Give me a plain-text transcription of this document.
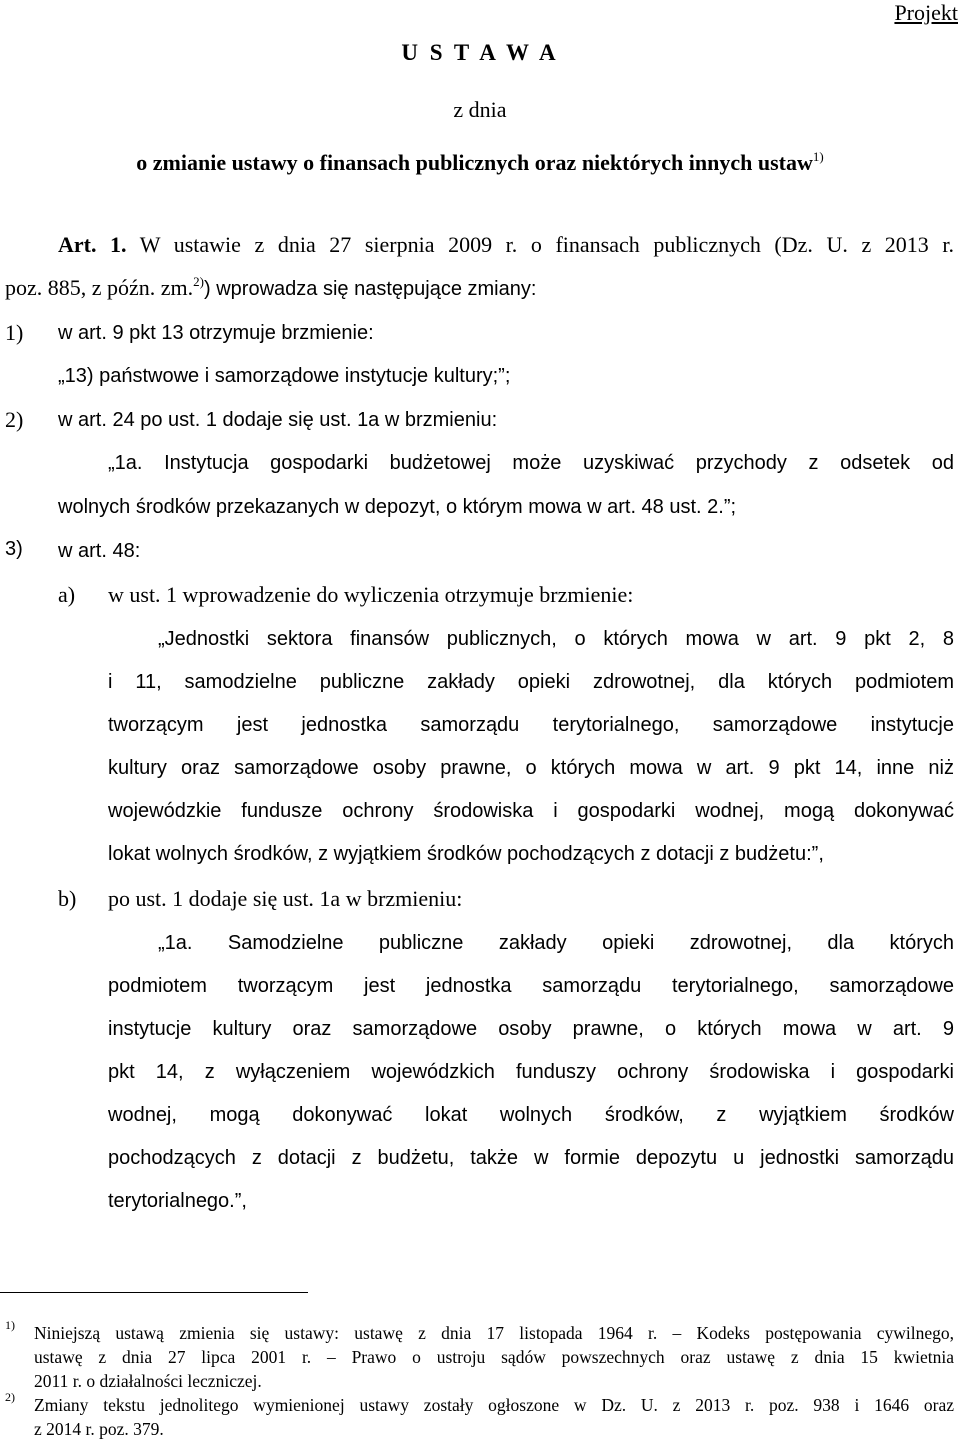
Projekt
U S T A W A
z dnia
o zmianie ustawy o finansach publicznych oraz niektórych innych ustaw$^{1)}$
Art. 1. W ustawie z dnia 27 sierpnia 2009 r. o finansach publicznych (Dz. U. z 2013 r.
poz. 885, z późn. zm.$^{2)}$) wprowadza się następujące zmiany:
1) w art. 9 pkt 13 otrzymuje brzmienie:
„13) państwowe i samorządowe instytucje kultury;”;
2) w art. 24 po ust. 1 dodaje się ust. 1a w brzmieniu:
„1a. Instytucja gospodarki budżetowej może uzyskiwać przychody z odsetek od
wolnych środków przekazanych w depozyt, o którym mowa w art. 48 ust. 2.”;
3) w art. 48:
a) w ust. 1 wprowadzenie do wyliczenia otrzymuje brzmienie:
„Jednostki sektora finansów publicznych, o których mowa w art. 9 pkt 2, 8
i 11, samodzielne publiczne zakłady opieki zdrowotnej, dla których podmiotem
tworzącym jest jednostka samorządu terytorialnego, samorządowe instytucje
kultury oraz samorządowe osoby prawne, o których mowa w art. 9 pkt 14, inne niż
wojewódzkie fundusze ochrony środowiska i gospodarki wodnej, mogą dokonywać
lokat wolnych środków, z wyjątkiem środków pochodzących z dotacji z budżetu:”,
b) po ust. 1 dodaje się ust. 1a w brzmieniu:
„1a. Samodzielne publiczne zakłady opieki zdrowotnej, dla których
podmiotem tworzącym jest jednostka samorządu terytorialnego, samorządowe
instytucje kultury oraz samorządowe osoby prawne, o których mowa w art. 9
pkt 14, z wyłączeniem wojewódzkich funduszy ochrony środowiska i gospodarki
wodnej, mogą dokonywać lokat wolnych środków, z wyjątkiem środków
pochodzących z dotacji z budżetu, także w formie depozytu u jednostki samorządu
terytorialnego.”,
1) Niniejszą ustawą zmienia się ustawy: ustawę z dnia 17 listopada 1964 r. – Kodeks postępowania cywilnego,
ustawę z dnia 27 lipca 2001 r. – Prawo o ustroju sądów powszechnych oraz ustawę z dnia 15 kwietnia
2011 r. o działalności leczniczej.
2) Zmiany tekstu jednolitego wymienionej ustawy zostały ogłoszone w Dz. U. z 2013 r. poz. 938 i 1646 oraz
z 2014 r. poz. 379.
